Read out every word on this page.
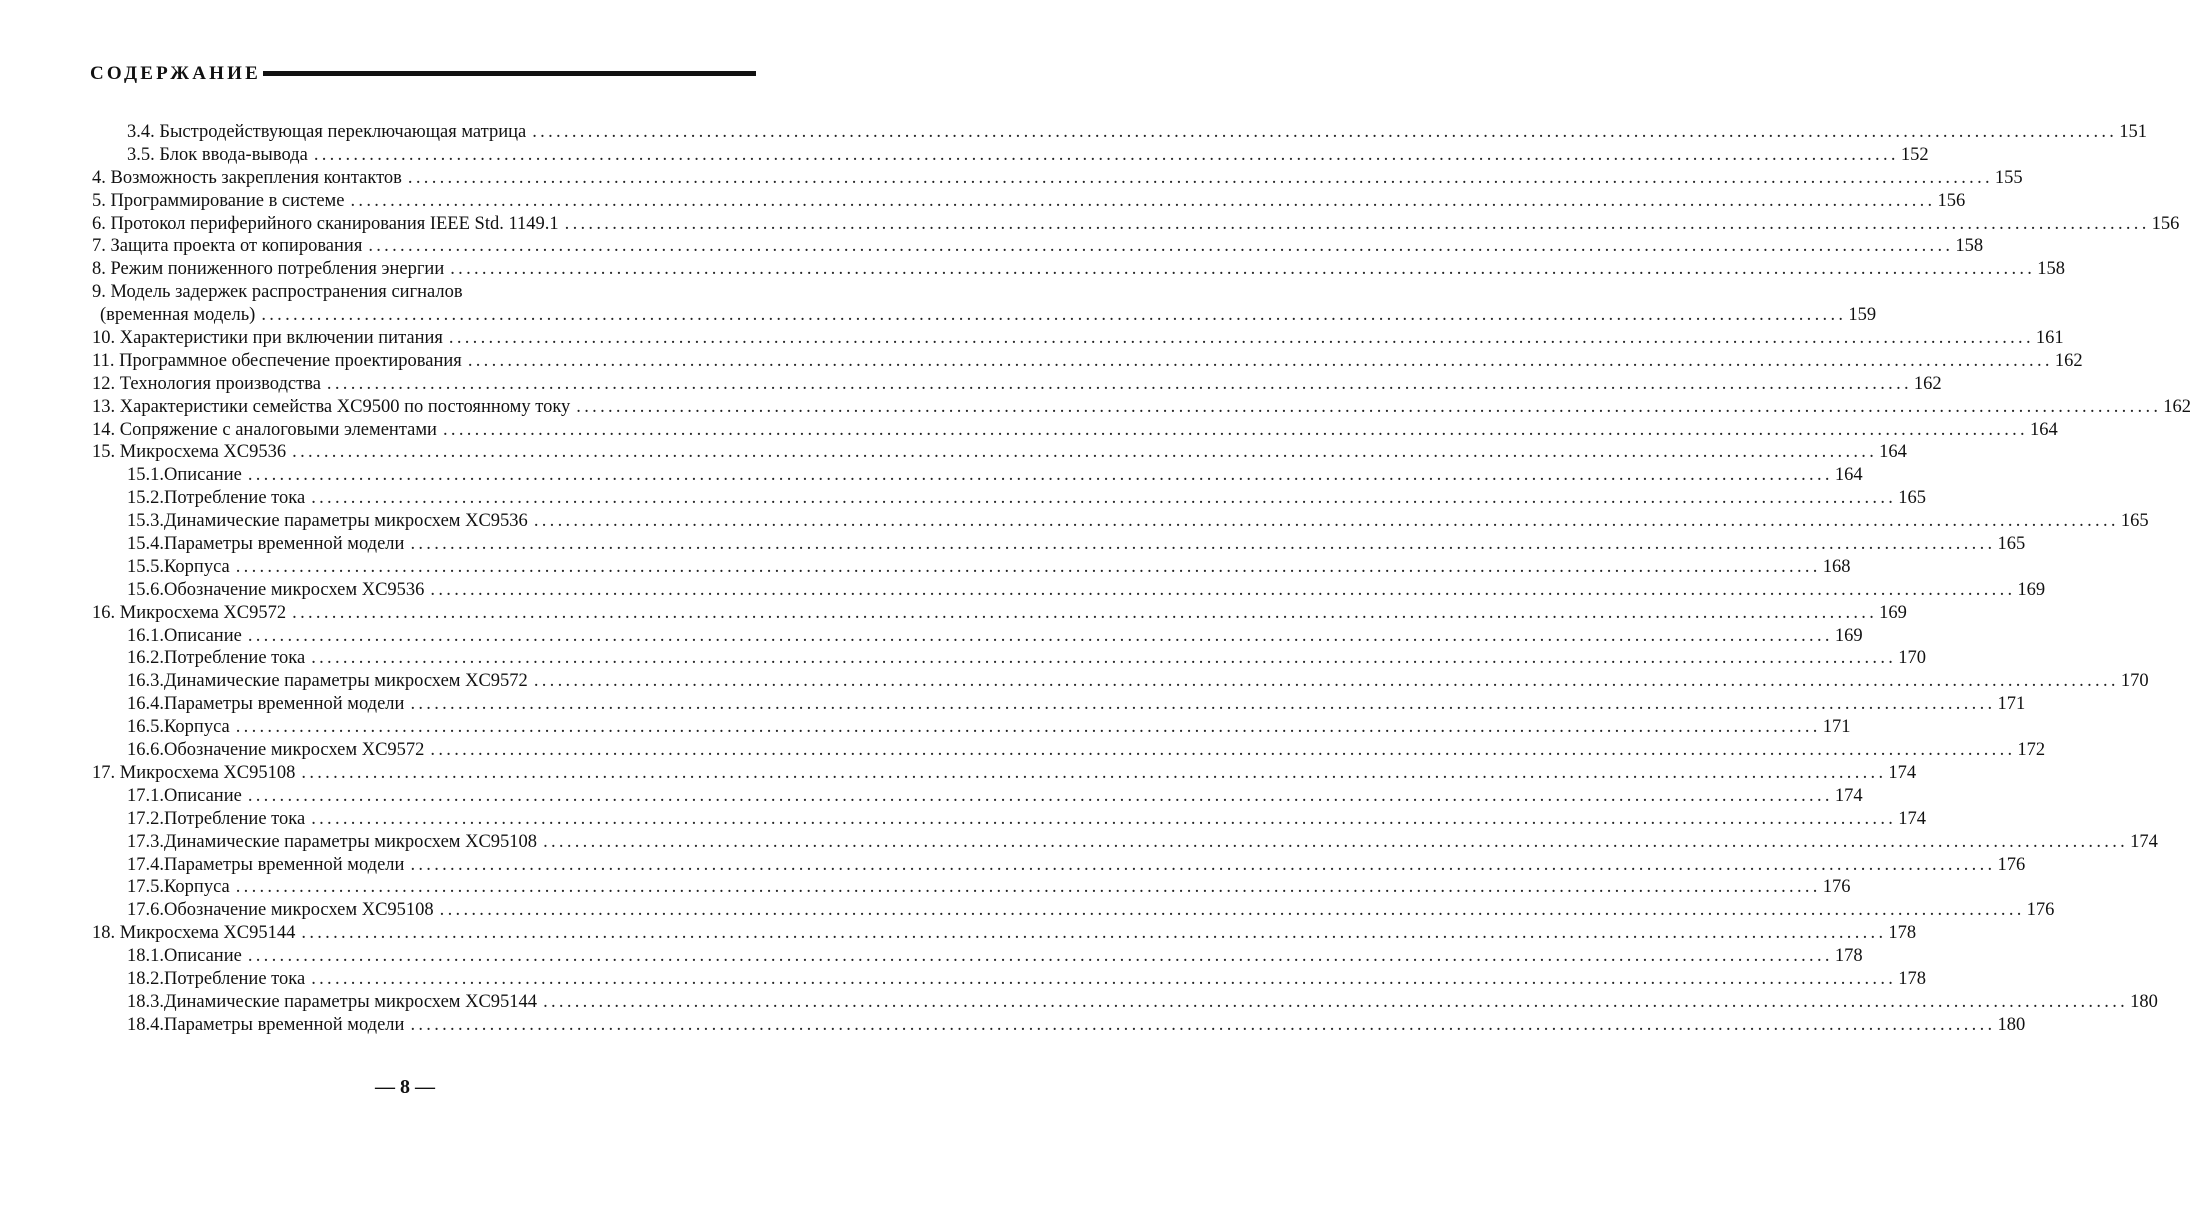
СОДЕРЖАНИЕ
3.4.
Быстродействующая переключающая матрица ........................................................................................................................................................................................................ 151
3.5.
Блок ввода-вывода ........................................................................................................................................................................................................ 152
4.
Возможность закрепления контактов ........................................................................................................................................................................................................ 155
5.
Программирование в системе ........................................................................................................................................................................................................ 156
6.
Протокол периферийного сканирования IEEE Std. 1149.1 ........................................................................................................................................................................................................ 156
7.
Защита проекта от копирования ........................................................................................................................................................................................................ 158
8.
Режим пониженного потребления энергии ........................................................................................................................................................................................................ 158
9.
Модель задержек распространения сигналов
(временная модель) ........................................................................................................................................................................................................ 159
10.
Характеристики при включении питания ........................................................................................................................................................................................................ 161
11.
Программное обеспечение проектирования ........................................................................................................................................................................................................ 162
12.
Технология производства ........................................................................................................................................................................................................ 162
13.
Характеристики семейства XC9500 по постоянному току ........................................................................................................................................................................................................ 162
14.
Сопряжение с аналоговыми элементами ........................................................................................................................................................................................................ 164
15.
Микросхема XC9536 ........................................................................................................................................................................................................ 164
15.1. Описание ........................................................................................................................................................................................................ 164
15.2. Потребление тока ........................................................................................................................................................................................................ 165
15.3. Динамические параметры микросхем XC9536 ........................................................................................................................................................................................................ 165
15.4. Параметры временной модели ........................................................................................................................................................................................................ 165
15.5. Корпуса ........................................................................................................................................................................................................ 168
15.6. Обозначение микросхем XC9536 ........................................................................................................................................................................................................ 169
16.
Микросхема XC9572 ........................................................................................................................................................................................................ 169
16.1. Описание ........................................................................................................................................................................................................ 169
16.2. Потребление тока ........................................................................................................................................................................................................ 170
16.3. Динамические параметры микросхем XC9572 ........................................................................................................................................................................................................ 170
16.4. Параметры временной модели ........................................................................................................................................................................................................ 171
16.5. Корпуса ........................................................................................................................................................................................................ 171
16.6. Обозначение микросхем XC9572 ........................................................................................................................................................................................................ 172
17.
Микросхема XC95108 ........................................................................................................................................................................................................ 174
17.1. Описание ........................................................................................................................................................................................................ 174
17.2. Потребление тока ........................................................................................................................................................................................................ 174
17.3. Динамические параметры микросхем XC95108 ........................................................................................................................................................................................................ 174
17.4. Параметры временной модели ........................................................................................................................................................................................................ 176
17.5. Корпуса ........................................................................................................................................................................................................ 176
17.6. Обозначение микросхем XC95108 ........................................................................................................................................................................................................ 176
18.
Микросхема XC95144 ........................................................................................................................................................................................................ 178
18.1. Описание ........................................................................................................................................................................................................ 178
18.2. Потребление тока ........................................................................................................................................................................................................ 178
18.3. Динамические параметры микросхем XC95144 ........................................................................................................................................................................................................ 180
18.4. Параметры временной модели ........................................................................................................................................................................................................ 180
— 8 —
